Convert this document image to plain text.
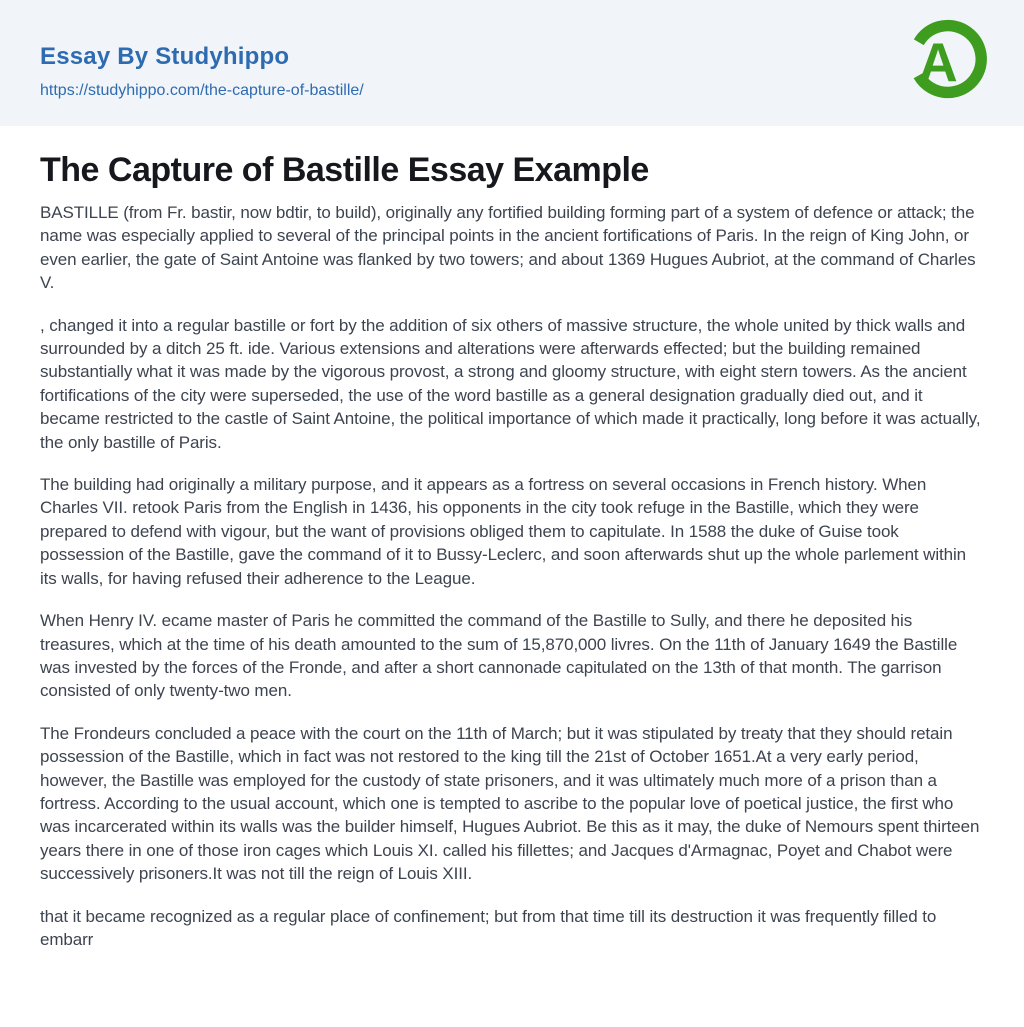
Essay By Studyhippo
https://studyhippo.com/the-capture-of-bastille/	A
The Capture of Bastille Essay Example

BASTILLE (from Fr. bastir, now bdtir, to build), originally any fortified building forming part of a system of defence or attack; the name was especially applied to several of the principal points in the ancient fortifications of Paris. In the reign of King John, or even earlier, the gate of Saint Antoine was flanked by two towers; and about 1369 Hugues Aubriot, at the command of Charles V.

, changed it into a regular bastille or fort by the addition of six others of massive structure, the whole united by thick walls and surrounded by a ditch 25 ft. ide. Various extensions and alterations were afterwards effected; but the building remained substantially what it was made by the vigorous provost, a strong and gloomy structure, with eight stern towers. As the ancient fortifications of the city were superseded, the use of the word bastille as a general designation gradually died out, and it became restricted to the castle of Saint Antoine, the political importance of which made it practically, long before it was actually, the only bastille of Paris.

The building had originally a military purpose, and it appears as a fortress on several occasions in French history. When Charles VII. retook Paris from the English in 1436, his opponents in the city took refuge in the Bastille, which they were prepared to defend with vigour, but the want of provisions obliged them to capitulate. In 1588 the duke of Guise took possession of the Bastille, gave the command of it to Bussy-Leclerc, and soon afterwards shut up the whole parlement within its walls, for having refused their adherence to the League.

When Henry IV. ecame master of Paris he committed the command of the Bastille to Sully, and there he deposited his treasures, which at the time of his death amounted to the sum of 15,870,000 livres. On the 11th of January 1649 the Bastille was invested by the forces of the Fronde, and after a short cannonade capitulated on the 13th of that month. The garrison consisted of only twenty-two men.

The Frondeurs concluded a peace with the court on the 11th of March; but it was stipulated by treaty that they should retain possession of the Bastille, which in fact was not restored to the king till the 21st of October 1651.At a very early period, however, the Bastille was employed for the custody of state prisoners, and it was ultimately much more of a prison than a fortress. According to the usual account, which one is tempted to ascribe to the popular love of poetical justice, the first who was incarcerated within its walls was the builder himself, Hugues Aubriot. Be this as it may, the duke of Nemours spent thirteen years there in one of those iron cages which Louis XI. called his fillettes; and Jacques d'Armagnac, Poyet and Chabot were successively prisoners.It was not till the reign of Louis XIII.

that it became recognized as a regular place of confinement; but from that time till its destruction it was frequently filled to embarr
